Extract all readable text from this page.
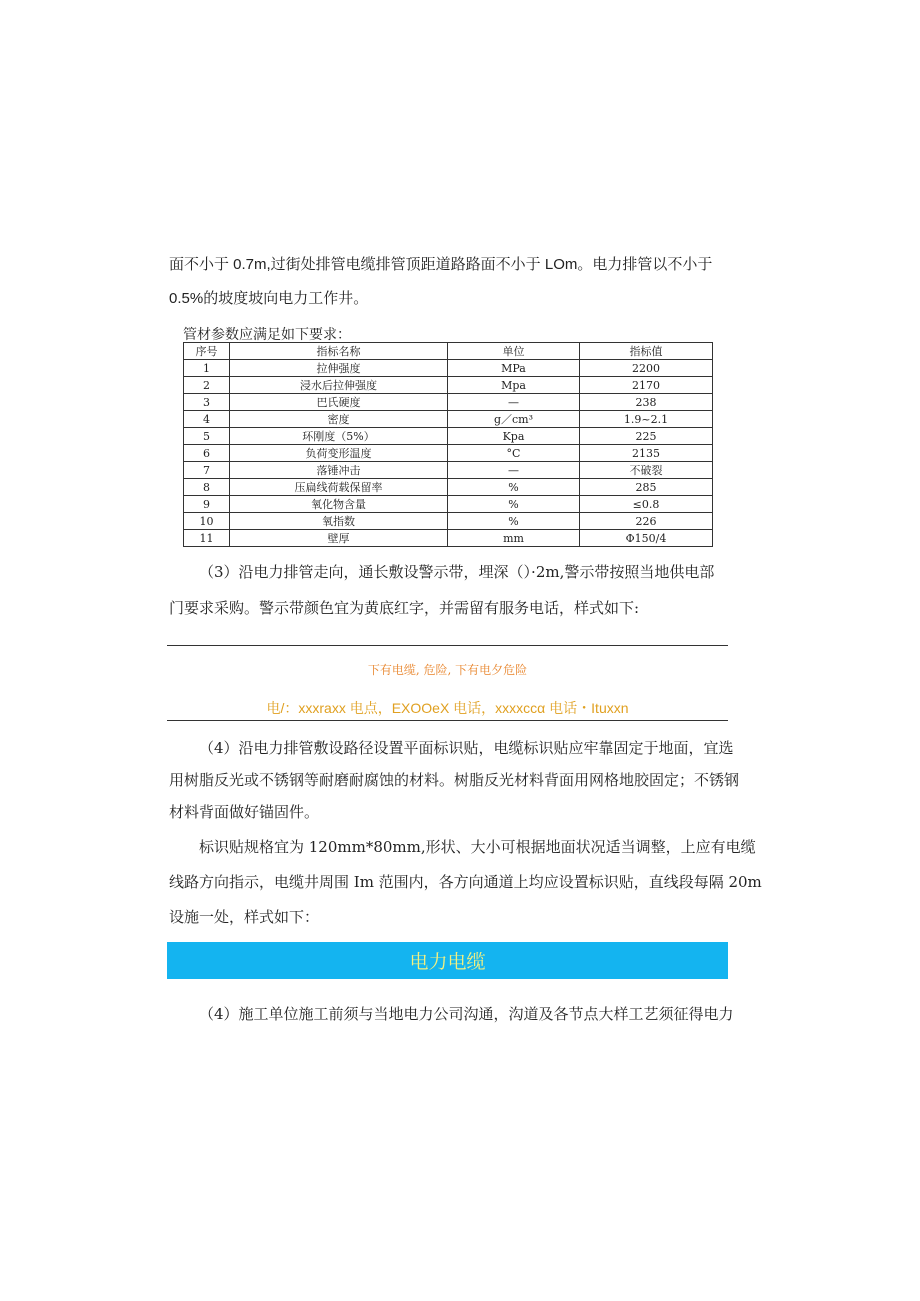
面不小于 0.7m,过街处排管电缆排管顶距道路路面不小于 LOm。电力排管以不小于
0.5%的坡度坡向电力工作井。
管材参数应满足如下要求：
序号	指标名称	单位	指标值
1	拉伸强度	MPa	2200
2	浸水后拉伸强度	Mpa	2170
3	巴氏硬度	—	238
4	密度	g／cm³	1.9~2.1
5	环刚度（5%）	Kpa	225
6	负荷变形温度	°C	2135
7	落锤冲击	—	不破裂
8	压扁线荷载保留率	%	285
9	氧化物含量	%	≤0.8
10	氧指数	%	226
11	壁厚	mm	Φ150/4
（3）沿电力排管走向，通长敷设警示带，埋深（）·2m,警示带按照当地供电部
门要求采购。警示带颜色宜为黄底红字，并需留有服务电话，样式如下:
下有电缆, 危险, 下有电夕危险
电/：xxxraxx 电点，EXOOeX 电话，xxxxccα 电话・Ituxxn
（4）沿电力排管敷设路径设置平面标识贴，电缆标识贴应牢靠固定于地面，宜选
用树脂反光或不锈钢等耐磨耐腐蚀的材料。树脂反光材料背面用网格地胶固定；不锈钢
材料背面做好锚固件。
标识贴规格宜为 120mm*80mm,形状、大小可根据地面状况适当调整，上应有电缆
线路方向指示，电缆井周围 Im 范围内，各方向通道上均应设置标识贴，直线段每隔 20m
设施一处，样式如下：
电力电缆
（4）施工单位施工前须与当地电力公司沟通，沟道及各节点大样工艺须征得电力
